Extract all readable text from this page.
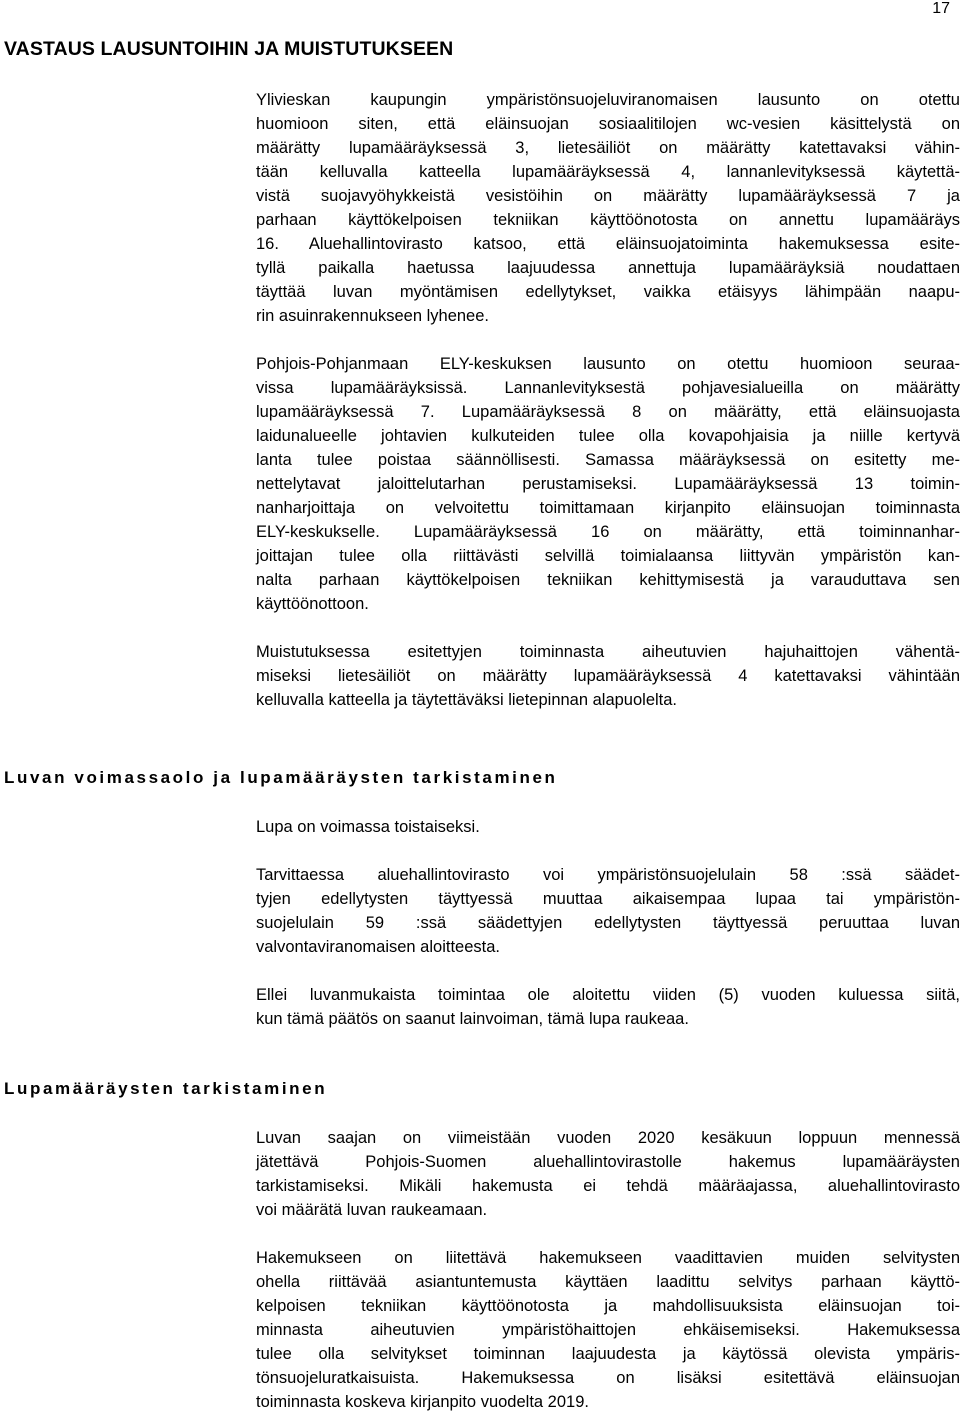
17
VASTAUS LAUSUNTOIHIN JA MUISTUTUKSEEN

Ylivieskan kaupungin ympäristönsuojeluviranomaisen lausunto on otettu
huomioon siten, että eläinsuojan sosiaalitilojen wc-vesien käsittelystä on
määrätty lupamääräyksessä 3, lietesäiliöt on määrätty katettavaksi vähin-
tään kelluvalla katteella lupamääräyksessä 4, lannanlevityksessä käytettä-
vistä suojavyöhykkeistä vesistöihin on määrätty lupamääräyksessä 7 ja
parhaan käyttökelpoisen tekniikan käyttöönotosta on annettu lupamääräys
16. Aluehallintovirasto katsoo, että eläinsuojatoiminta hakemuksessa esite-
tyllä paikalla haetussa laajuudessa annettuja lupamääräyksiä noudattaen
täyttää luvan myöntämisen edellytykset, vaikka etäisyys lähimpään naapu-
rin asuinrakennukseen lyhenee.

Pohjois-Pohjanmaan ELY-keskuksen lausunto on otettu huomioon seuraa-
vissa lupamääräyksissä. Lannanlevityksestä pohjavesialueilla on määrätty
lupamääräyksessä 7. Lupamääräyksessä 8 on määrätty, että eläinsuojasta
laidunalueelle johtavien kulkuteiden tulee olla kovapohjaisia ja niille kertyvä
lanta tulee poistaa säännöllisesti. Samassa määräyksessä on esitetty me-
nettelytavat jaloittelutarhan perustamiseksi. Lupamääräyksessä 13 toimin-
nanharjoittaja on velvoitettu toimittamaan kirjanpito eläinsuojan toiminnasta
ELY-keskukselle. Lupamääräyksessä 16 on määrätty, että toiminnanhar-
joittajan tulee olla riittävästi selvillä toimialaansa liittyvän ympäristön kan-
nalta parhaan käyttökelpoisen tekniikan kehittymisestä ja varauduttava sen
käyttöönottoon.

Muistutuksessa esitettyjen toiminnasta aiheutuvien hajuhaittojen vähentä-
miseksi lietesäiliöt on määrätty lupamääräyksessä 4 katettavaksi vähintään
kelluvalla katteella ja täytettäväksi lietepinnan alapuolelta.

Luvan voimassaolo ja lupamääräysten tarkistaminen

Lupa on voimassa toistaiseksi.

Tarvittaessa aluehallintovirasto voi ympäristönsuojelulain 58 :ssä säädet-
tyjen edellytysten täyttyessä muuttaa aikaisempaa lupaa tai ympäristön-
suojelulain 59 :ssä säädettyjen edellytysten täyttyessä peruuttaa luvan
valvontaviranomaisen aloitteesta.

Ellei luvanmukaista toimintaa ole aloitettu viiden (5) vuoden kuluessa siitä,
kun tämä päätös on saanut lainvoiman, tämä lupa raukeaa.

Lupamääräysten tarkistaminen

Luvan saajan on viimeistään vuoden 2020 kesäkuun loppuun mennessä
jätettävä Pohjois-Suomen aluehallintovirastolle hakemus lupamääräysten
tarkistamiseksi. Mikäli hakemusta ei tehdä määräajassa, aluehallintovirasto
voi määrätä luvan raukeamaan.

Hakemukseen on liitettävä hakemukseen vaadittavien muiden selvitysten
ohella riittävää asiantuntemusta käyttäen laadittu selvitys parhaan käyttö-
kelpoisen tekniikan käyttöönotosta ja mahdollisuuksista eläinsuojan toi-
minnasta aiheutuvien ympäristöhaittojen ehkäisemiseksi. Hakemuksessa
tulee olla selvitykset toiminnan laajuudesta ja käytössä olevista ympäris-
tönsuojeluratkaisuista. Hakemuksessa on lisäksi esitettävä eläinsuojan
toiminnasta koskeva kirjanpito vuodelta 2019.
